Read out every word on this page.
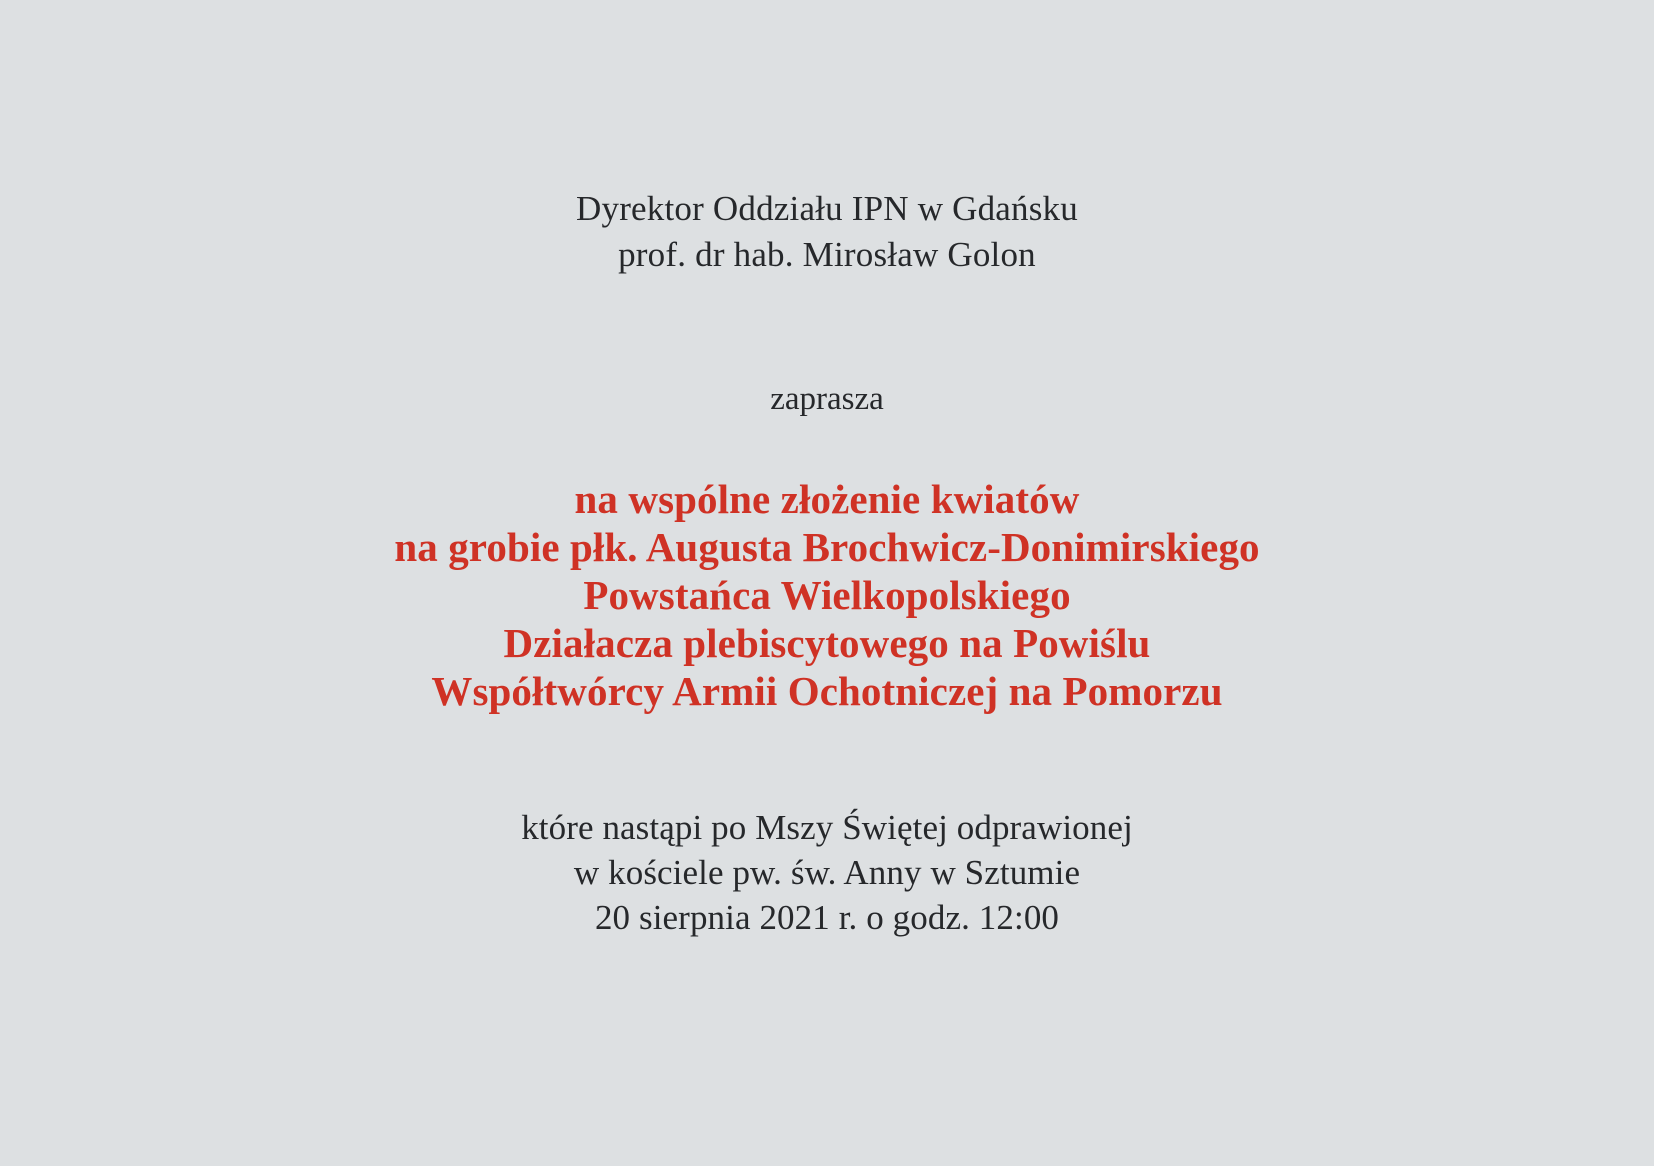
Dyrektor Oddziału IPN w Gdańsku
prof. dr hab. Mirosław Golon
zaprasza
na wspólne złożenie kwiatów
na grobie płk. Augusta Brochwicz-Donimirskiego
Powstańca Wielkopolskiego
Działacza plebiscytowego na Powiślu
Współtwórcy Armii Ochotniczej na Pomorzu
które nastąpi po Mszy Świętej odprawionej
w kościele pw. św. Anny w Sztumie
20 sierpnia 2021 r. o godz. 12:00
